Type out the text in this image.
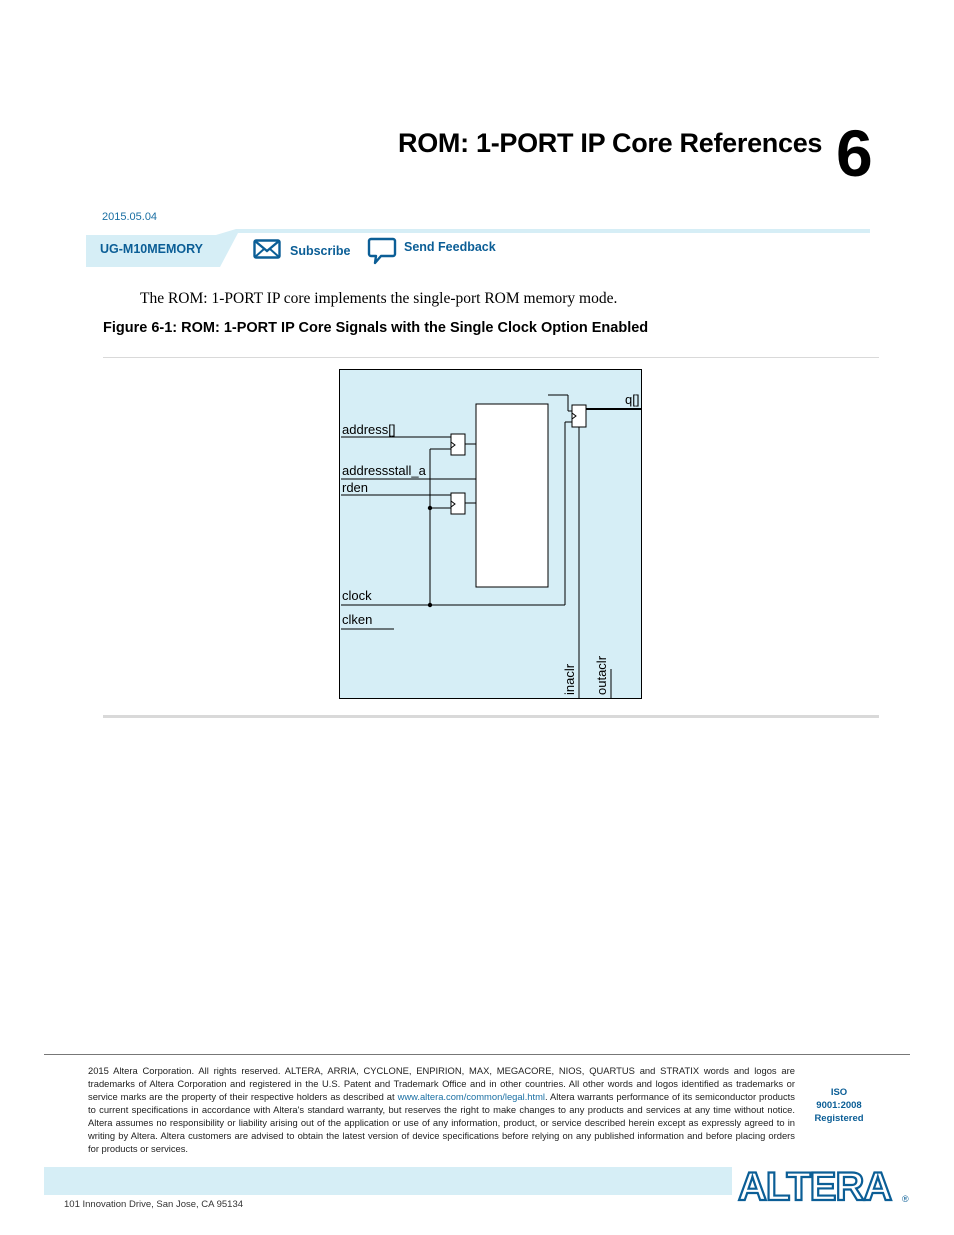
ROM: 1-PORT IP Core References 6
2015.05.04
UG-M10MEMORY	Subscribe	Send Feedback
The ROM: 1-PORT IP core implements the single-port ROM memory mode.
Figure 6-1: ROM: 1-PORT IP Core Signals with the Single Clock Option Enabled
address[]
addressstall_a
rden
clock
clken
q[]
inaclr outaclr
2015 Altera Corporation. All rights reserved. ALTERA, ARRIA, CYCLONE, ENPIRION, MAX, MEGACORE, NIOS, QUARTUS and STRATIX words and logos are trademarks of Altera Corporation and registered in the U.S. Patent and Trademark Office and in other countries. All other words and logos identified as trademarks or service marks are the property of their respective holders as described at www.altera.com/common/legal.html. Altera warrants performance of its semiconductor products to current specifications in accordance with Altera's standard warranty, but reserves the right to make changes to any products and services at any time without notice. Altera assumes no responsibility or liability arising out of the application or use of any information, product, or service described herein except as expressly agreed to in writing by Altera. Altera customers are advised to obtain the latest version of device specifications before relying on any published information and before placing orders for products or services.
ISO
9001:2008
Registered
101 Innovation Drive, San Jose, CA 95134	ALTERA ®
